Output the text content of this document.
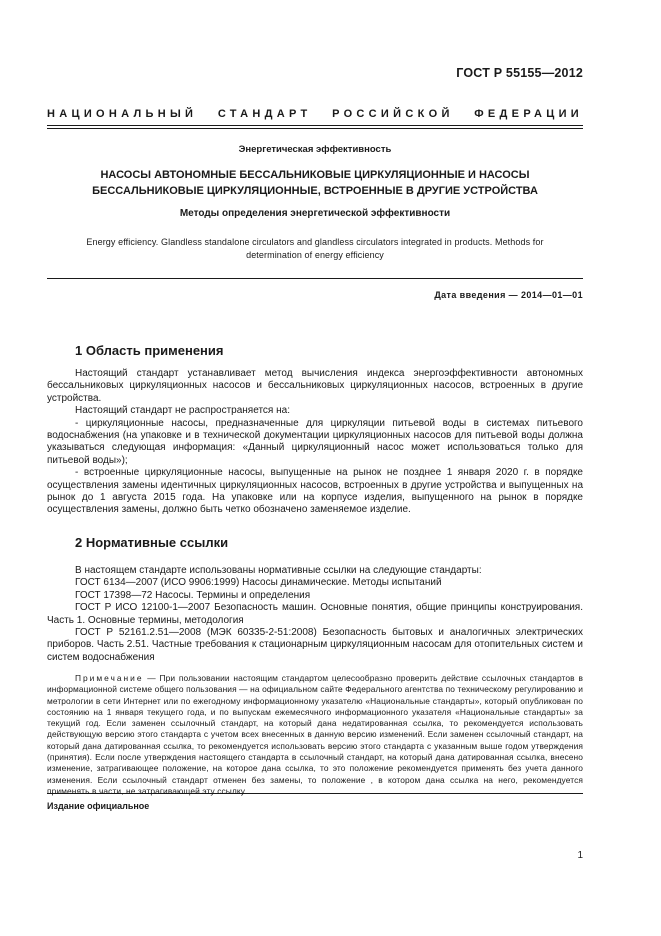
ГОСТ Р 55155—2012
НАЦИОНАЛЬНЫЙ СТАНДАРТ РОССИЙСКОЙ ФЕДЕРАЦИИ
Энергетическая эффективность
НАСОСЫ АВТОНОМНЫЕ БЕССАЛЬНИКОВЫЕ ЦИРКУЛЯЦИОННЫЕ И НАСОСЫ
БЕССАЛЬНИКОВЫЕ ЦИРКУЛЯЦИОННЫЕ, ВСТРОЕННЫЕ В ДРУГИЕ УСТРОЙСТВА
Методы определения энергетической эффективности
Energy efficiency. Glandless standalone circulators and glandless circulators integrated in products. Methods for
determination of energy efficiency
Дата введения — 2014—01—01
1 Область применения

Настоящий стандарт устанавливает метод вычисления индекса энергоэффективности автономных бессальниковых циркуляционных насосов и бессальниковых циркуляционных насосов, встроенных в другие устройства.

Настоящий стандарт не распространяется на:

- циркуляционные насосы, предназначенные для циркуляции питьевой воды в системах питьевого водоснабжения (на упаковке и в технической документации циркуляционных насосов для питьевой воды должна указываться следующая информация: «Данный циркуляционный насос может использоваться только для питьевой воды»);

- встроенные циркуляционные насосы, выпущенные на рынок не позднее 1 января 2020 г. в порядке осуществления замены идентичных циркуляционных насосов, встроенных в другие устройства и выпущенных на рынок до 1 августа 2015 года. На упаковке или на корпусе изделия, выпущенного на рынок в порядке осуществления замены, должно быть четко обозначено заменяемое изделие.

2 Нормативные ссылки

В настоящем стандарте использованы нормативные ссылки на следующие стандарты:

ГОСТ 6134—2007 (ИСО 9906:1999) Насосы динамические. Методы испытаний

ГОСТ 17398—72 Насосы. Термины и определения

ГОСТ Р ИСО 12100-1—2007 Безопасность машин. Основные понятия, общие принципы конструирования. Часть 1. Основные термины, методология

ГОСТ Р 52161.2.51—2008 (МЭК 60335-2-51:2008) Безопасность бытовых и аналогичных электрических приборов. Часть 2.51. Частные требования к стационарным циркуляционным насосам для отопительных систем и систем водоснабжения

Примечание — При пользовании настоящим стандартом целесообразно проверить действие ссылочных стандартов в информационной системе общего пользования — на официальном сайте Федерального агентства по техническому регулированию и метрологии в сети Интернет или по ежегодному информационному указателю «Национальные стандарты», который опубликован по состоянию на 1 января текущего года, и по выпускам ежемесячного информационного указателя «Национальные стандарты» за текущий год. Если заменен ссылочный стандарт, на который дана недатированная ссылка, то рекомендуется использовать действующую версию этого стандарта с учетом всех внесенных в данную версию изменений. Если заменен ссылочный стандарт, на который дана датированная ссылка, то рекомендуется использовать версию этого стандарта с указанным выше годом утверждения (принятия). Если после утверждения настоящего стандарта в ссылочный стандарт, на который дана датированная ссылка, внесено изменение, затрагивающее положение, на которое дана ссылка, то это положение рекомендуется применять без учета данного изменения. Если ссылочный стандарт отменен без замены, то положение , в котором дана ссылка на него, рекомендуется применять в части, не затрагивающей эту ссылку.

Издание официальное
1
